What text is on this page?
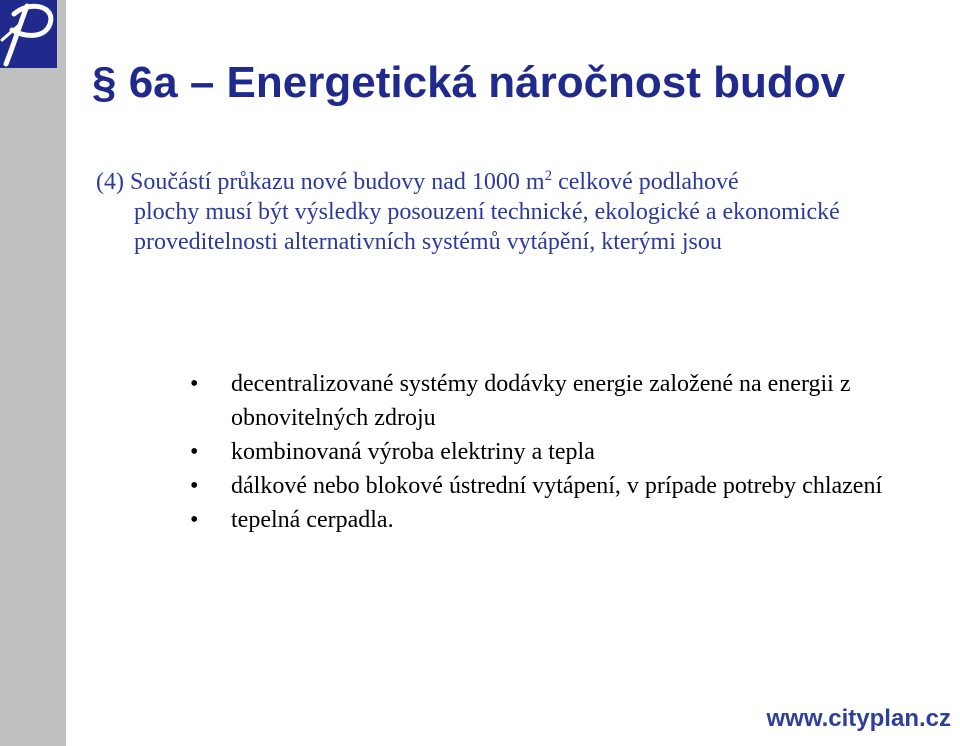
§ 6a – Energetická náročnost budov

(4) Součástí průkazu nové budovy nad 1000 $m^2$ celkové podlahové
plochy musí být výsledky posouzení technické, ekologické a ekonomické proveditelnosti alternativních systémů vytápění, kterými jsou

• decentralizované systémy dodávky energie založené na energii z obnovitelných zdroju
• kombinovaná výroba elektriny a tepla
• dálkové nebo blokové ústrední vytápení, v prípade potreby chlazení
• tepelná cerpadla.
www.cityplan.cz
